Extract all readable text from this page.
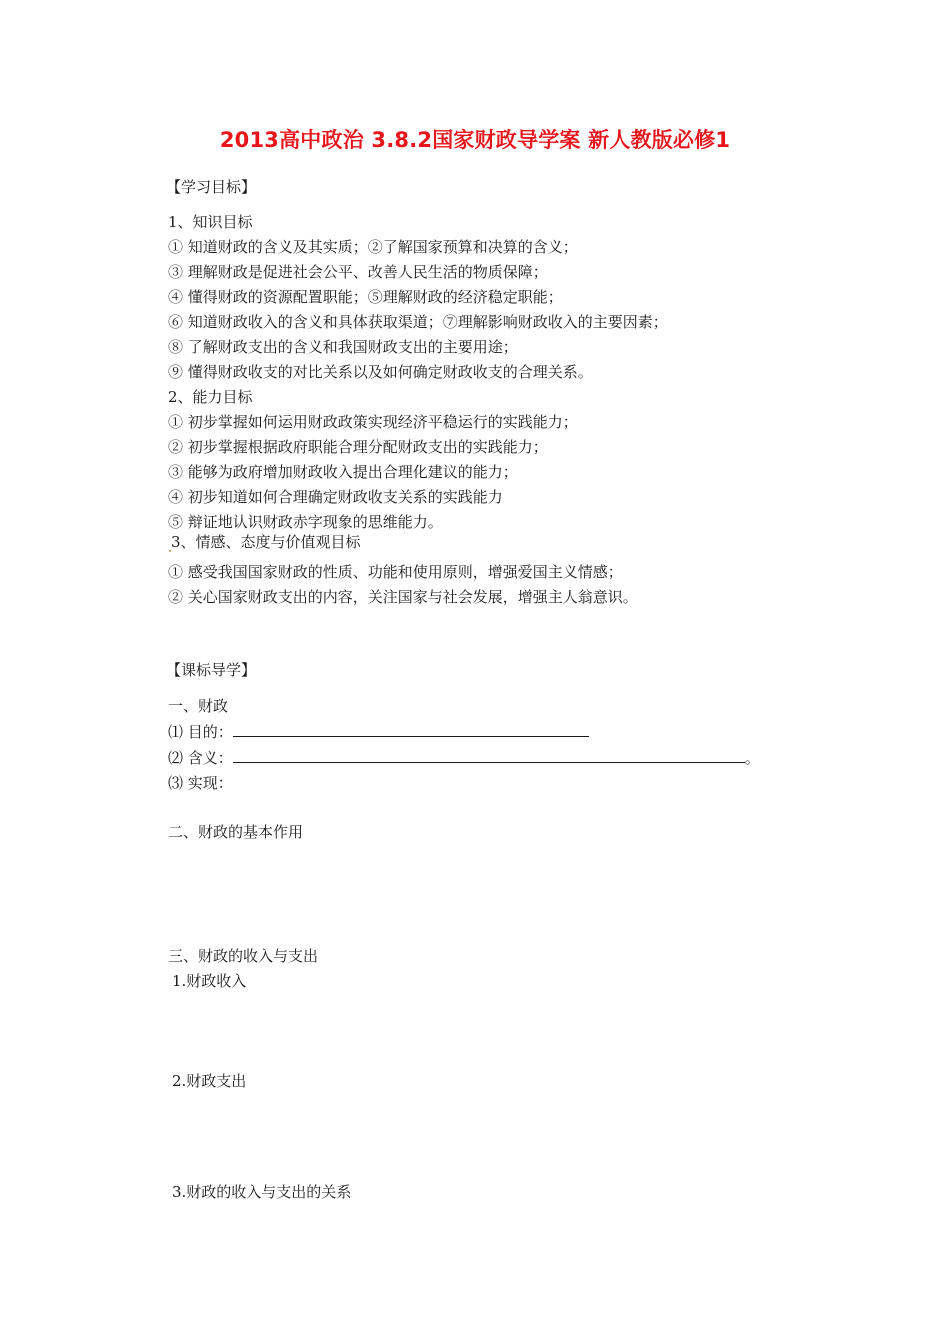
2013高中政治 3.8.2国家财政导学案 新人教版必修1
【学习目标】
1、知识目标
① 知道财政的含义及其实质；②了解国家预算和决算的含义；
③ 理解财政是促进社会公平、改善人民生活的物质保障；
④ 懂得财政的资源配置职能；⑤理解财政的经济稳定职能；
⑥ 知道财政收入的含义和具体获取渠道；⑦理解影响财政收入的主要因素；
⑧ 了解财政支出的含义和我国财政支出的主要用途；
⑨ 懂得财政收支的对比关系以及如何确定财政收支的合理关系。
2、能力目标
① 初步掌握如何运用财政政策实现经济平稳运行的实践能力；
② 初步掌握根据政府职能合理分配财政支出的实践能力；
③ 能够为政府增加财政收入提出合理化建议的能力；
④ 初步知道如何合理确定财政收支关系的实践能力
⑤ 辩证地认识财政赤字现象的思维能力。
3、情感、态度与价值观目标
① 感受我国国家财政的性质、功能和使用原则，增强爱国主义情感；
② 关心国家财政支出的内容，关注国家与社会发展，增强主人翁意识。
【课标导学】
一、财政
⑴ 目的：
⑵ 含义：	。
⑶ 实现：
二、财政的基本作用
三、财政的收入与支出
1.财政收入
2.财政支出
3.财政的收入与支出的关系
